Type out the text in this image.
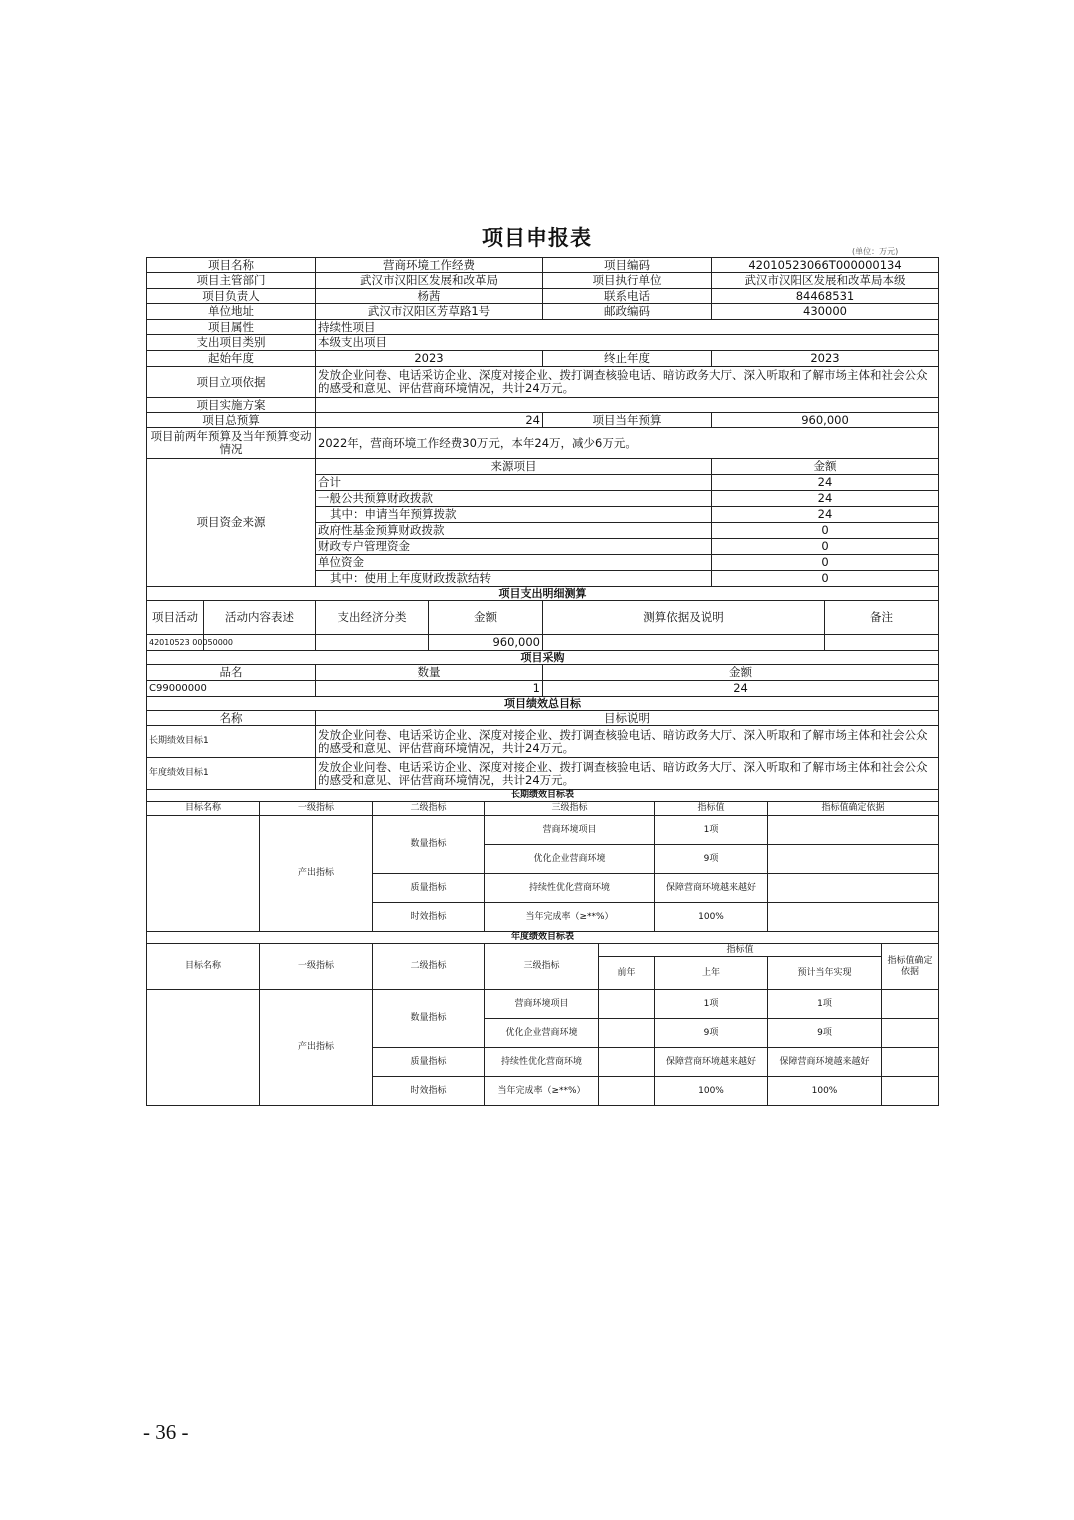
项目申报表
(单位：万元)
项目名称	营商环境工作经费	项目编码	42010523066T000000134
项目主管部门	武汉市汉阳区发展和改革局	项目执行单位	武汉市汉阳区发展和改革局本级
项目负责人	杨茜	联系电话	84468531
单位地址	武汉市汉阳区芳草路1号	邮政编码	430000
项目属性	持续性项目		
支出项目类别	本级支出项目		
起始年度	2023	终止年度	2023
项目立项依据	发放企业问卷、电话采访企业、深度对接企业、拨打调查核验电话、暗访政务大厅、深入听取和了解市场主体和社会公众的感受和意见、评估营商环境情况，共计24万元。		
项目实施方案			
项目总预算	24	项目当年预算	960,000
项目前两年预算及当年预算变动情况	2022年，营商环境工作经费30万元，本年24万，减少6万元。		
项目资金来源	来源项目	金额
	合计	24
	一般公共预算财政拨款	24
	其中：申请当年预算拨款	24
	政府性基金预算财政拨款	0
	财政专户管理资金	0
	单位资金	0
	其中：使用上年度财政拨款结转	0
项目支出明细测算					
项目活动	活动内容表述	支出经济分类	金额	测算依据及说明	备注
42010523 00050000			960,000		
项目采购		
品名	数量	金额
C99000000	1	24
项目绩效总目标	
名称	目标说明
长期绩效目标1	发放企业问卷、电话采访企业、深度对接企业、拨打调查核验电话、暗访政务大厅、深入听取和了解市场主体和社会公众的感受和意见、评估营商环境情况，共计24万元。
年度绩效目标1	发放企业问卷、电话采访企业、深度对接企业、拨打调查核验电话、暗访政务大厅、深入听取和了解市场主体和社会公众的感受和意见、评估营商环境情况，共计24万元。
长期绩效目标表					
目标名称	一级指标	二级指标	三级指标	指标值	指标值确定依据
	产出指标	数量指标	营商环境项目	1项	
			优化企业营商环境	9项	
		质量指标	持续性优化营商环境	保障营商环境越来越好	
		时效指标	当年完成率（≥**%）	100%	
年度绩效目标表							
目标名称	一级指标	二级指标	三级指标	指标值			指标值确定依据
				前年	上年	预计当年实现	
	产出指标	数量指标	营商环境项目		1项	1项	
			优化企业营商环境		9项	9项	
		质量指标	持续性优化营商环境		保障营商环境越来越好	保障营商环境越来越好	
		时效指标	当年完成率（≥**%）		100%	100%	
- 36 -
